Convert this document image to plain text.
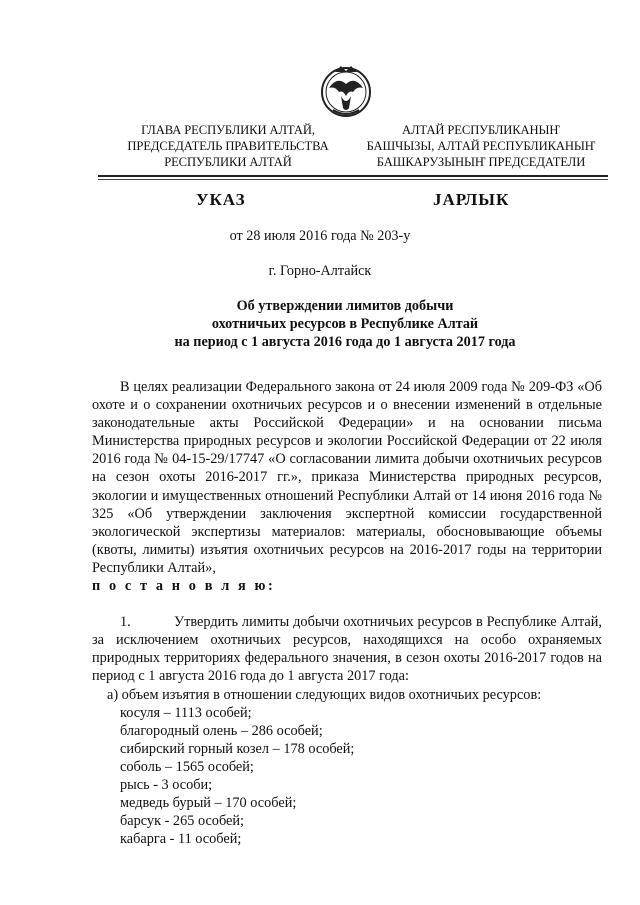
ГЛАВА РЕСПУБЛИКИ АЛТАЙ,
ПРЕДСЕДАТЕЛЬ ПРАВИТЕЛЬСТВА
РЕСПУБЛИКИ АЛТАЙ
АЛТАЙ РЕСПУБЛИКАНЫҤ
БАШЧЫЗЫ, АЛТАЙ РЕСПУБЛИКАНЫҤ
БАШКАРУЗЫНЫҤ ПРЕДСЕДАТЕЛИ
УКАЗ	ЈАРЛЫК
от 28 июля 2016 года № 203-у
г. Горно-Алтайск
Об утверждении лимитов добычи
охотничьих ресурсов в Республике Алтай
на период с 1 августа 2016 года до 1 августа 2017 года

В целях реализации Федерального закона от 24 июля 2009 года № 209-ФЗ «Об охоте и о сохранении охотничьих ресурсов и о внесении изменений в отдельные законодательные акты Российской Федерации» и на основании письма Министерства природных ресурсов и экологии Российской Федерации от 22 июля 2016 года № 04-15-29/17747 «О согласовании лимита добычи охотничьих ресурсов на сезон охоты 2016-2017 гг.», приказа Министерства природных ресурсов, экологии и имущественных отношений Республики Алтай от 14 июня 2016 года № 325 «Об утверждении заключения экспертной комиссии государственной экологической экспертизы материалов: материалы, обосновывающие объемы (квоты, лимиты) изъятия охотничьих ресурсов на 2016-2017 годы на территории Республики Алтай»,
п о с т а н о в л я ю:

1.	Утвердить лимиты добычи охотничьих ресурсов в Республике Алтай, за исключением охотничьих ресурсов, находящихся на особо охраняемых природных территориях федерального значения, в сезон охоты 2016-2017 годов на период с 1 августа 2016 года до 1 августа 2017 года:

а) объем изъятия в отношении следующих видов охотничьих ресурсов:

косуля – 1113 особей;

благородный олень – 286 особей;

сибирский горный козел – 178 особей;

соболь – 1565 особей;

рысь - 3 особи;

медведь бурый – 170 особей;

барсук - 265 особей;

кабарга - 11 особей;
